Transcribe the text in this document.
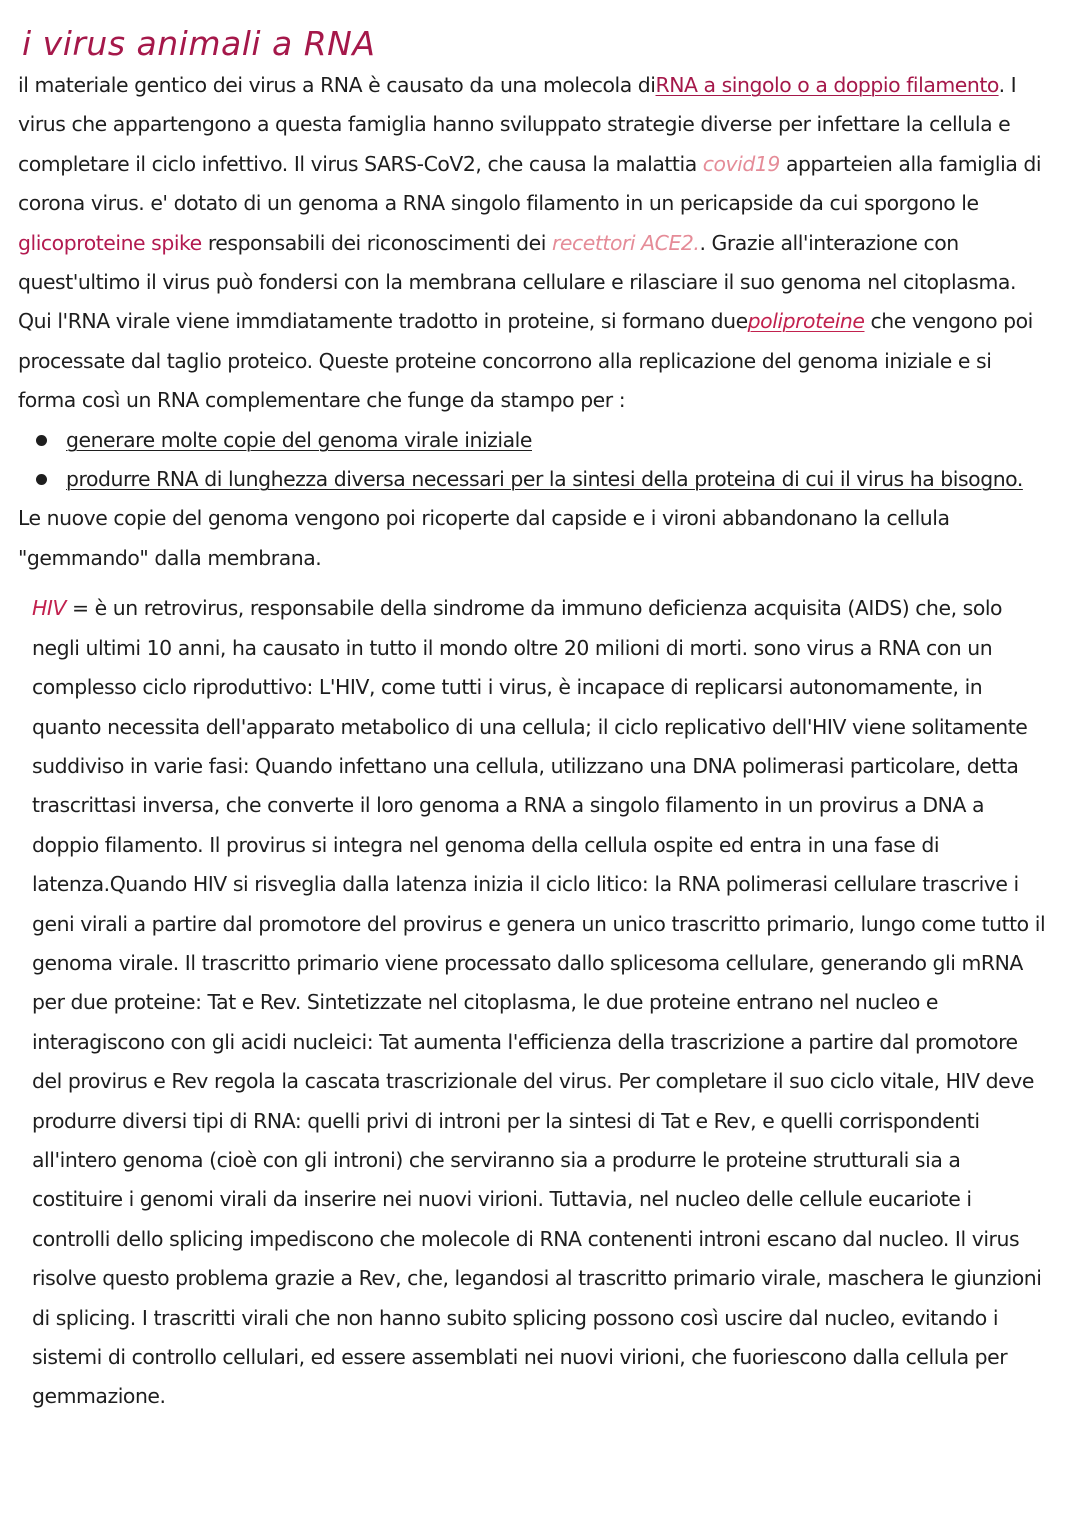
i virus animali a RNA

il materiale gentico dei virus a RNA è causato da una molecola diRNA a singolo o a doppio filamento. I virus che appartengono a questa famiglia hanno sviluppato strategie diverse per infettare la cellula e completare il ciclo infettivo. Il virus SARS-CoV2, che causa la malattia covid19 apparteien alla famiglia di corona virus. e' dotato di un genoma a RNA singolo filamento in un pericapside da cui sporgono le glicoproteine spike responsabili dei riconoscimenti dei recettori ACE2.. Grazie all'interazione con quest'ultimo il virus può fondersi con la membrana cellulare e rilasciare il suo genoma nel citoplasma. Qui l'RNA virale viene immdiatamente tradotto in proteine, si formano duepoliproteine che vengono poi processate dal taglio proteico. Queste proteine concorrono alla replicazione del genoma iniziale e si forma così un RNA complementare che funge da stampo per :

generare molte copie del genoma virale iniziale
produrre RNA di lunghezza diversa necessari per la sintesi della proteina di cui il virus ha bisogno.

Le nuove copie del genoma vengono poi ricoperte dal capside e i vironi abbandonano la cellula "gemmando" dalla membrana.

HIV = è un retrovirus, responsabile della sindrome da immuno deficienza acquisita (AIDS) che, solo negli ultimi 10 anni, ha causato in tutto il mondo oltre 20 milioni di morti. sono virus a RNA con un complesso ciclo riproduttivo: L'HIV, come tutti i virus, è incapace di replicarsi autonomamente, in quanto necessita dell'apparato metabolico di una cellula; il ciclo replicativo dell'HIV viene solitamente suddiviso in varie fasi: Quando infettano una cellula, utilizzano una DNA polimerasi particolare, detta trascrittasi inversa, che converte il loro genoma a RNA a singolo filamento in un provirus a DNA a doppio filamento. Il provirus si integra nel genoma della cellula ospite ed entra in una fase di latenza.Quando HIV si risveglia dalla latenza inizia il ciclo litico: la RNA polimerasi cellulare trascrive i geni virali a partire dal promotore del provirus e genera un unico trascritto primario, lungo come tutto il genoma virale. Il trascritto primario viene processato dallo splicesoma cellulare, generando gli mRNA per due proteine: Tat e Rev. Sintetizzate nel citoplasma, le due proteine entrano nel nucleo e interagiscono con gli acidi nucleici: Tat aumenta l'efficienza della trascrizione a partire dal promotore del provirus e Rev regola la cascata trascrizionale del virus. Per completare il suo ciclo vitale, HIV deve produrre diversi tipi di RNA: quelli privi di introni per la sintesi di Tat e Rev, e quelli corrispondenti all'intero genoma (cioè con gli introni) che serviranno sia a produrre le proteine strutturali sia a costituire i genomi virali da inserire nei nuovi virioni. Tuttavia, nel nucleo delle cellule eucariote i controlli dello splicing impediscono che molecole di RNA contenenti introni escano dal nucleo. Il virus risolve questo problema grazie a Rev, che, legandosi al trascritto primario virale, maschera le giunzioni di splicing. I trascritti virali che non hanno subito splicing possono così uscire dal nucleo, evitando i sistemi di controllo cellulari, ed essere assemblati nei nuovi virioni, che fuoriescono dalla cellula per gemmazione.
